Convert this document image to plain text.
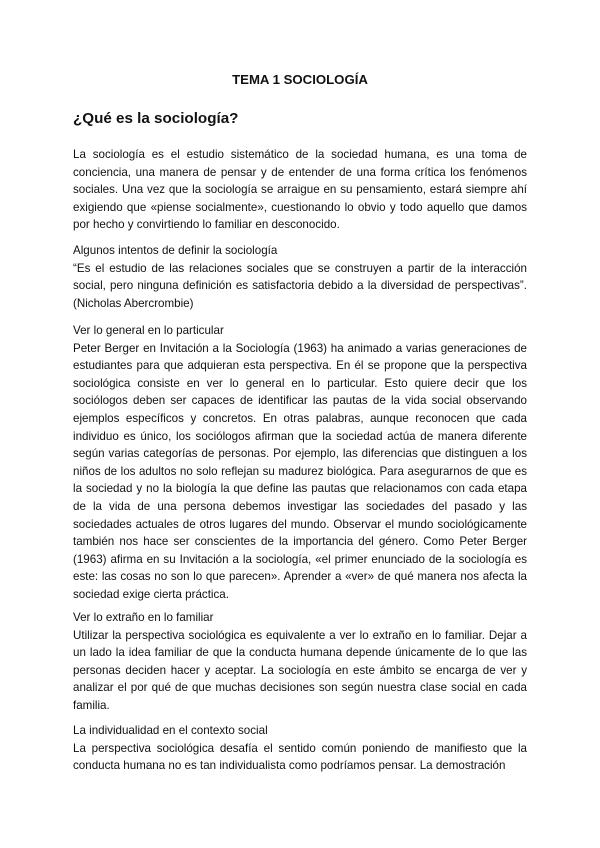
TEMA 1 SOCIOLOGÍA
¿Qué es la sociología?

La sociología es el estudio sistemático de la sociedad humana, es una toma de conciencia, una manera de pensar y de entender de una forma crítica los fenómenos sociales. Una vez que la sociología se arraigue en su pensamiento, estará siempre ahí exigiendo que «piense socialmente», cuestionando lo obvio y todo aquello que damos por hecho y convirtiendo lo familiar en desconocido.

Algunos intentos de definir la sociología
“Es el estudio de las relaciones sociales que se construyen a partir de la interacción social, pero ninguna definición es satisfactoria debido a la diversidad de perspectivas”. (Nicholas Abercrombie)
Ver lo general en lo particular
Peter Berger en Invitación a la Sociología (1963) ha animado a varias generaciones de estudiantes para que adquieran esta perspectiva. En él se propone que la perspectiva sociológica consiste en ver lo general en lo particular. Esto quiere decir que los sociólogos deben ser capaces de identificar las pautas de la vida social observando ejemplos específicos y concretos. En otras palabras, aunque reconocen que cada individuo es único, los sociólogos afirman que la sociedad actúa de manera diferente según varias categorías de personas. Por ejemplo, las diferencias que distinguen a los niños de los adultos no solo reflejan su madurez biológica. Para asegurarnos de que es la sociedad y no la biología la que define las pautas que relacionamos con cada etapa de la vida de una persona debemos investigar las sociedades del pasado y las sociedades actuales de otros lugares del mundo. Observar el mundo sociológicamente también nos hace ser conscientes de la importancia del género. Como Peter Berger (1963) afirma en su Invitación a la sociología, «el primer enunciado de la sociología es este: las cosas no son lo que parecen». Aprender a «ver» de qué manera nos afecta la sociedad exige cierta práctica.
Ver lo extraño en lo familiar
Utilizar la perspectiva sociológica es equivalente a ver lo extraño en lo familiar. Dejar a un lado la idea familiar de que la conducta humana depende únicamente de lo que las personas deciden hacer y aceptar. La sociología en este ámbito se encarga de ver y analizar el por qué de que muchas decisiones son según nuestra clase social en cada familia.
La individualidad en el contexto social
La perspectiva sociológica desafía el sentido común poniendo de manifiesto que la conducta humana no es tan individualista como podríamos pensar. La demostración
